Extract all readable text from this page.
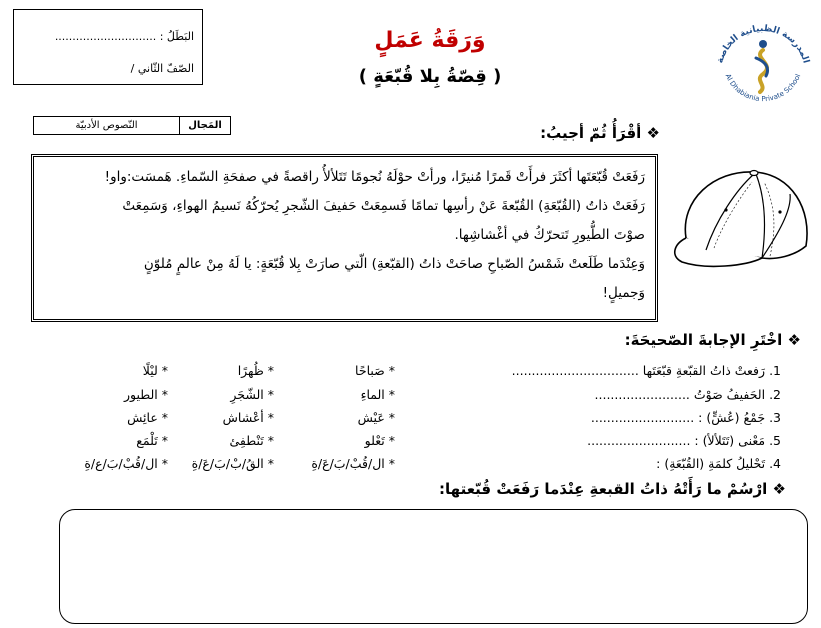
البَطَلُ : .............................
الصّفّ الثّاني /
وَرَقَةُ عَمَلٍ
( قِصّةُ بِلا قُبّعَةٍ )
المدرسة الظبيانية الخاصة
Al Dhabiania Private School
المَجال
النّصوص الأدبيّة	❖ أقْرَأُ ثُمّ أجيبُ:
رَفَعَتْ قُبّعَتَها أكثَرَ فرأَتْ قَمرًا مُنيرًا، ورأتْ حوْلَهُ نُجومًا تَتَلألأُ راقصةً في صفحَةِ السّماءِ. هَمسَت:واو!
رَفَعَتْ ذاتُ (القُبّعَةِ) القُبّعةَ عَنْ رأسِها تمامًا فَسمِعَتْ حَفيفَ الشّجرِ يُحرّكُهُ نَسيمُ الهواءِ، وَسَمِعَتْ
صوْتَ الطُّيورِ تَتحرّكُ في أغْشاشِها.
وَعِنْدَما طَلَعتْ شَمْسُ الصّباحِ صاحَتْ ذاتُ (القبّعةِ) الّتي صارَتْ بِلا قُبّعَةٍ: يا لَهُ مِنْ عالمٍ مُلوّنٍ
وَجميلٍ!
❖ اخْتَرِ الإجابةَ الصّحيحَةَ:
1. رَفعتْ ذاتُ القبّعةِ قبّعَتَها ................................
2. الحَفيفُ صَوْتُ ........................
3. جَمْعُ (عُشٍّ) : ..........................
5. مَعْنى (تَتَلألأ) : ..........................
4. تَحْليلُ كلمَةِ (القُبّعَةِ) :
* صَباحًا
* الماءِ
* عَيْش
* تَعْلو
* ال/قُبْ/بَ/عَ/ةِ
* ظُهرًا
* الشّجَرِ
* أعْشاش
* تَنْطفِئ
* القُ/بْ/بَ/عَ/ةِ
* ليْلًا
* الطيور
* عائِش
* تَلْمَع
* ال/قُبْ/بَ/ع/ةِ
❖ ارْسُمْ ما رَأَتْهُ ذاتُ القبعةِ عِنْدَما رَفَعَتْ قُبّعتها:
